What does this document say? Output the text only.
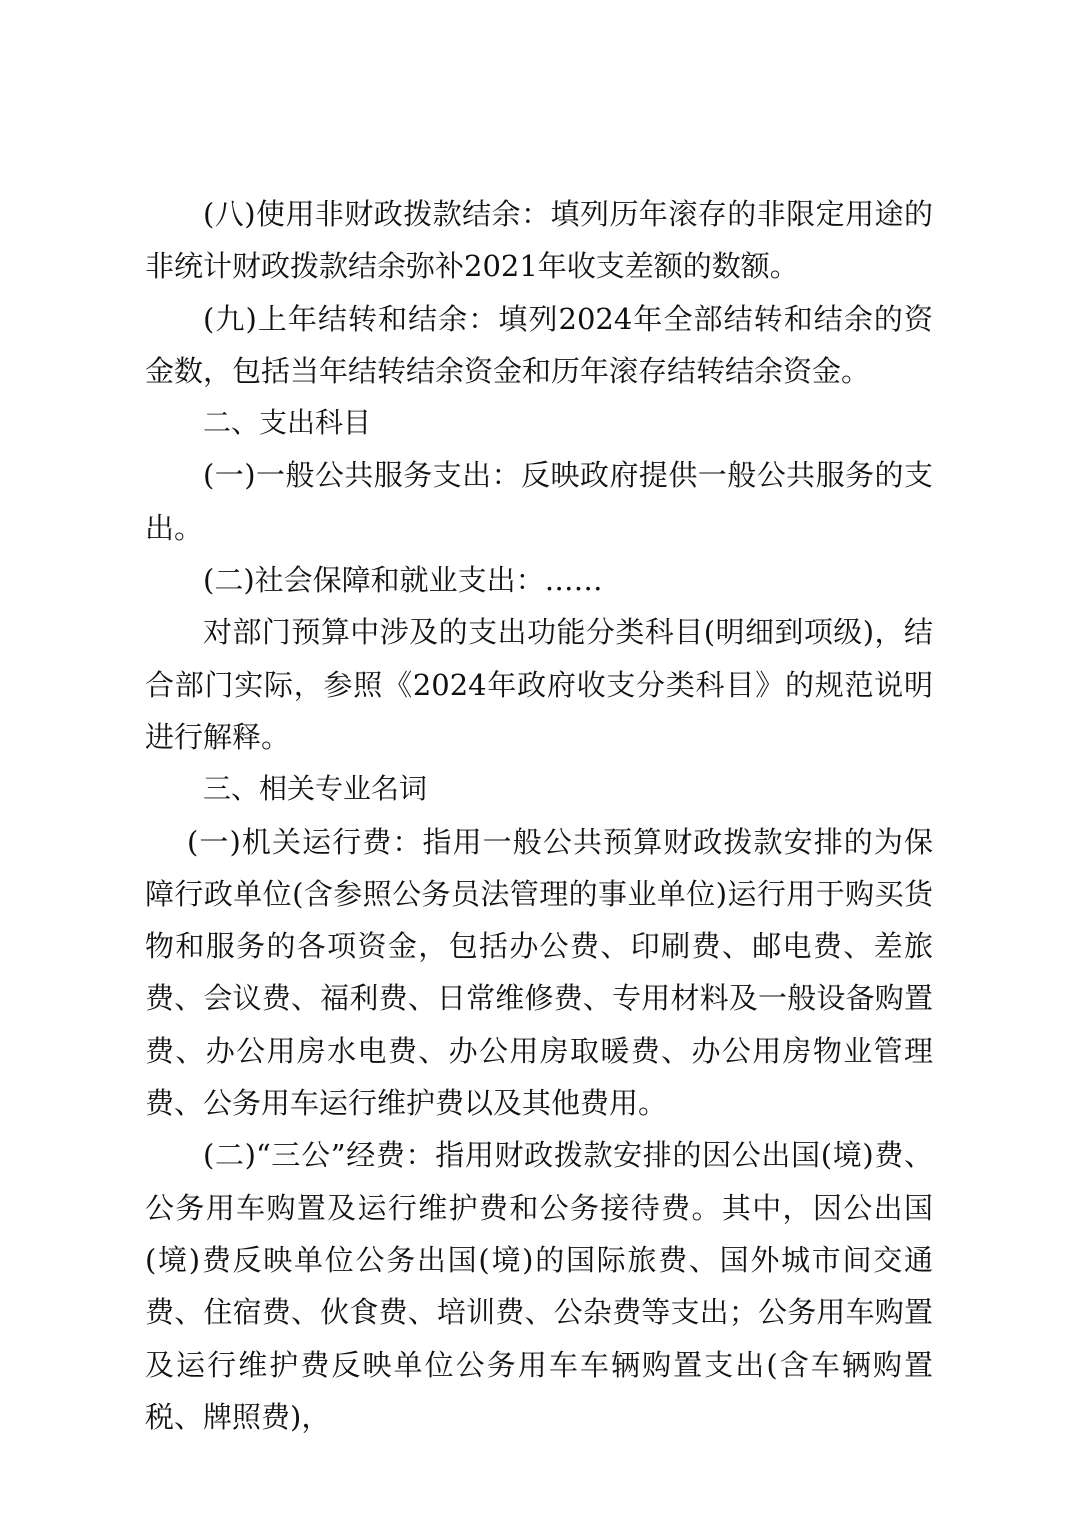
(八)使用非财政拨款结余：填列历年滚存的非限定用途的非统计财政拨款结余弥补2021年收支差额的数额。

(九)上年结转和结余：填列2024年全部结转和结余的资金数，包括当年结转结余资金和历年滚存结转结余资金。

二、支出科目

(一)一般公共服务支出：反映政府提供一般公共服务的支出。

(二)社会保障和就业支出：……

对部门预算中涉及的支出功能分类科目(明细到项级)，结合部门实际，参照《2024年政府收支分类科目》的规范说明进行解释。

三、相关专业名词

(一)机关运行费：指用一般公共预算财政拨款安排的为保障行政单位(含参照公务员法管理的事业单位)运行用于购买货物和服务的各项资金，包括办公费、印刷费、邮电费、差旅费、会议费、福利费、日常维修费、专用材料及一般设备购置费、办公用房水电费、办公用房取暖费、办公用房物业管理费、公务用车运行维护费以及其他费用。

(二)“三公”经费：指用财政拨款安排的因公出国(境)费、公务用车购置及运行维护费和公务接待费。其中，因公出国(境)费反映单位公务出国(境)的国际旅费、国外城市间交通费、住宿费、伙食费、培训费、公杂费等支出；公务用车购置及运行维护费反映单位公务用车车辆购置支出(含车辆购置税、牌照费)，
